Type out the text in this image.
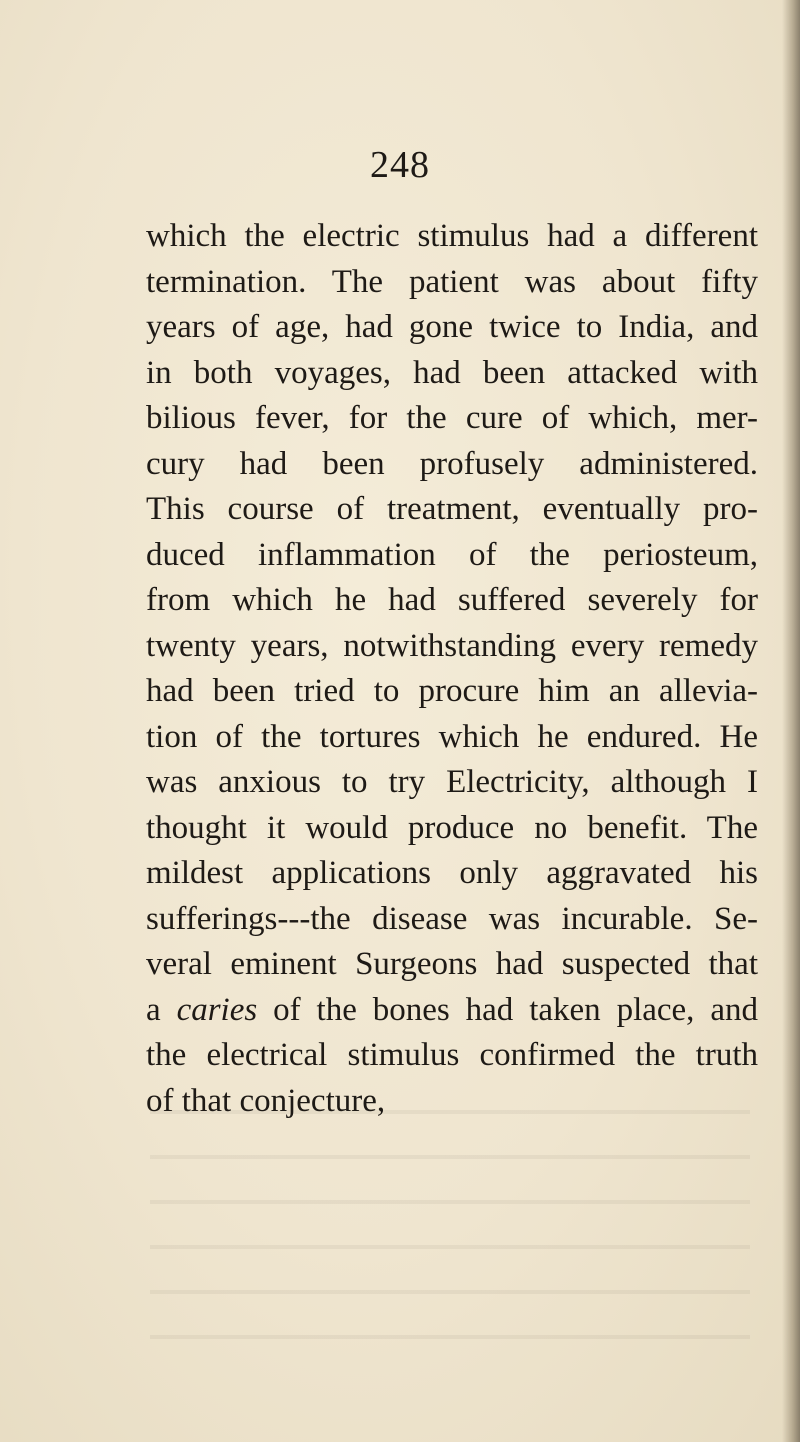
248
which the electric stimulus had a different
termination. The patient was about fifty
years of age, had gone twice to India, and
in both voyages, had been attacked with
bilious fever, for the cure of which, mer-
cury had been profusely administered.
This course of treatment, eventually pro-
duced inflammation of the periosteum,
from which he had suffered severely for
twenty years, notwithstanding every remedy
had been tried to procure him an allevia-
tion of the tortures which he endured. He
was anxious to try Electricity, although I
thought it would produce no benefit. The
mildest applications only aggravated his
sufferings---the disease was incurable. Se-
veral eminent Surgeons had suspected that
a caries of the bones had taken place, and
the electrical stimulus confirmed the truth
of that conjecture,
